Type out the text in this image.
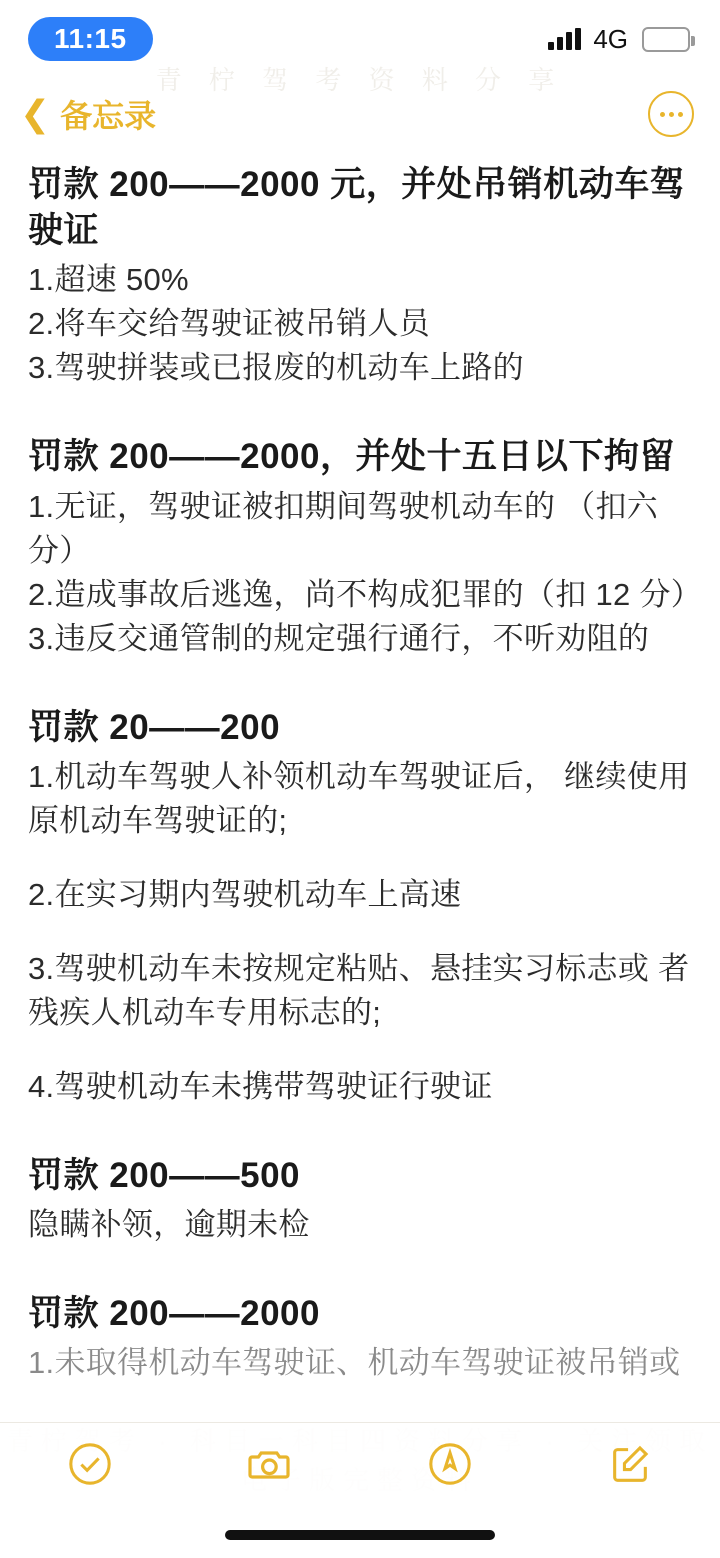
11:15	4G	⚡
青 柠 驾 考 资 料 分 享
❮ 备忘录
罚款 200——2000 元，并处吊销机动车驾驶证
1.超速 50%
2.将车交给驾驶证被吊销人员
3.驾驶拼装或已报废的机动车上路的
罚款 200——2000，并处十五日以下拘留
1.无证，驾驶证被扣期间驾驶机动车的 （扣六分）
2.造成事故后逃逸，尚不构成犯罪的（扣 12 分）
3.违反交通管制的规定强行通行，不听劝阻的
罚款 20——200
1.机动车驾驶人补领机动车驾驶证后， 继续使用原机动车驾驶证的;
2.在实习期内驾驶机动车上高速
3.驾驶机动车未按规定粘贴、悬挂实习标志或 者残疾人机动车专用标志的;
4.驾驶机动车未携带驾驶证行驶证
罚款 200——500
隐瞒补领，逾期未检
罚款 200——2000
1.未取得机动车驾驶证、机动车驾驶证被吊销或
